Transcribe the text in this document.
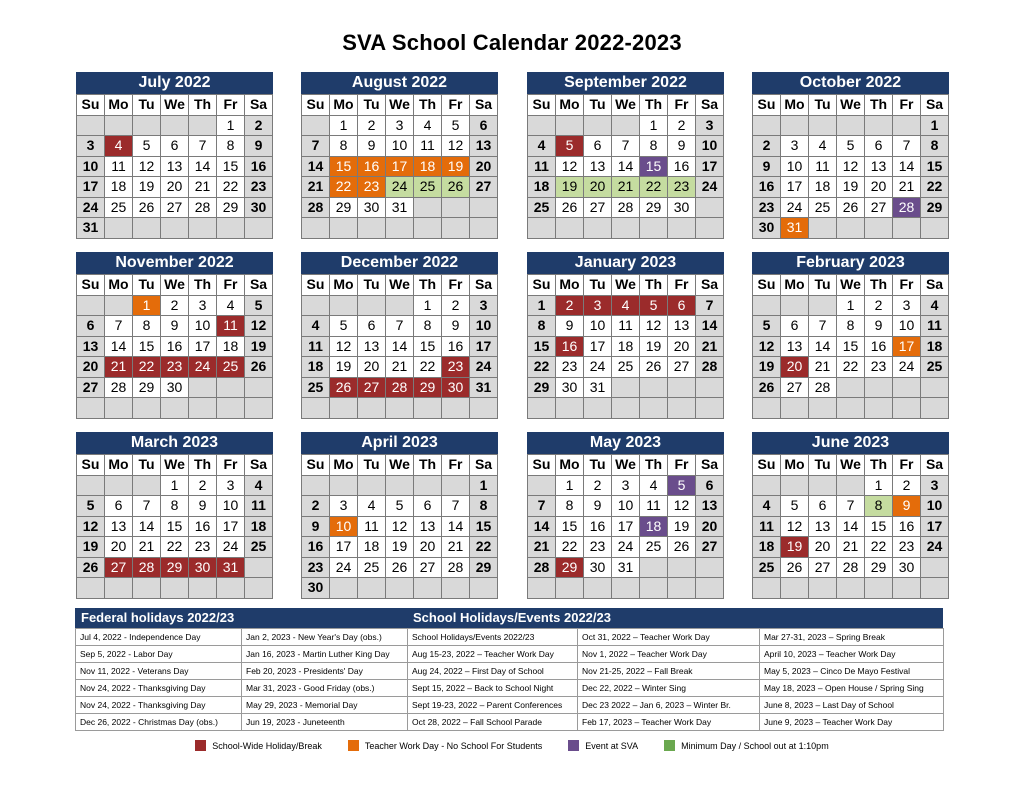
SVA School Calendar 2022-2023
July 2022
Su	Mo	Tu	We	Th	Fr	Sa
					1	2
3	4	5	6	7	8	9
10	11	12	13	14	15	16
17	18	19	20	21	22	23
24	25	26	27	28	29	30
31						
August 2022
Su	Mo	Tu	We	Th	Fr	Sa
	1	2	3	4	5	6
7	8	9	10	11	12	13
14	15	16	17	18	19	20
21	22	23	24	25	26	27
28	29	30	31			

September 2022
Su	Mo	Tu	We	Th	Fr	Sa
				1	2	3
4	5	6	7	8	9	10
11	12	13	14	15	16	17
18	19	20	21	22	23	24
25	26	27	28	29	30	

October 2022
Su	Mo	Tu	We	Th	Fr	Sa
						1
2	3	4	5	6	7	8
9	10	11	12	13	14	15
16	17	18	19	20	21	22
23	24	25	26	27	28	29
30	31					
November 2022
Su	Mo	Tu	We	Th	Fr	Sa
		1	2	3	4	5
6	7	8	9	10	11	12
13	14	15	16	17	18	19
20	21	22	23	24	25	26
27	28	29	30			

December 2022
Su	Mo	Tu	We	Th	Fr	Sa
				1	2	3
4	5	6	7	8	9	10
11	12	13	14	15	16	17
18	19	20	21	22	23	24
25	26	27	28	29	30	31

January 2023
Su	Mo	Tu	We	Th	Fr	Sa
1	2	3	4	5	6	7
8	9	10	11	12	13	14
15	16	17	18	19	20	21
22	23	24	25	26	27	28
29	30	31				

February 2023
Su	Mo	Tu	We	Th	Fr	Sa
			1	2	3	4
5	6	7	8	9	10	11
12	13	14	15	16	17	18
19	20	21	22	23	24	25
26	27	28				

March 2023
Su	Mo	Tu	We	Th	Fr	Sa
			1	2	3	4
5	6	7	8	9	10	11
12	13	14	15	16	17	18
19	20	21	22	23	24	25
26	27	28	29	30	31	

April 2023
Su	Mo	Tu	We	Th	Fr	Sa
						1
2	3	4	5	6	7	8
9	10	11	12	13	14	15
16	17	18	19	20	21	22
23	24	25	26	27	28	29
30						
May 2023
Su	Mo	Tu	We	Th	Fr	Sa
	1	2	3	4	5	6
7	8	9	10	11	12	13
14	15	16	17	18	19	20
21	22	23	24	25	26	27
28	29	30	31			

June 2023
Su	Mo	Tu	We	Th	Fr	Sa
				1	2	3
4	5	6	7	8	9	10
11	12	13	14	15	16	17
18	19	20	21	22	23	24
25	26	27	28	29	30	

Federal holidays 2022/23	School Holidays/Events 2022/23
Jul 4, 2022 - Independence Day	Jan 2, 2023 - New Year's Day (obs.)	School Holidays/Events 2022/23	Oct 31, 2022 – Teacher Work Day	Mar 27-31, 2023 – Spring Break
Sep 5, 2022 - Labor Day	Jan 16, 2023 - Martin Luther King Day	Aug 15-23, 2022 – Teacher Work Day	Nov 1, 2022 – Teacher Work Day	April 10, 2023 – Teacher Work Day
Nov 11, 2022 - Veterans Day	Feb 20, 2023 - Presidents' Day	Aug 24, 2022 – First Day of School	Nov 21-25, 2022 – Fall Break	May 5, 2023 – Cinco De Mayo Festival
Nov 24, 2022 - Thanksgiving Day	Mar 31, 2023 - Good Friday (obs.)	Sept 15, 2022 – Back to School Night	Dec 22, 2022 – Winter Sing	May 18, 2023 – Open House / Spring Sing
Nov 24, 2022 - Thanksgiving Day	May 29, 2023 - Memorial Day	Sept 19-23, 2022 – Parent Conferences	Dec 23 2022 – Jan 6, 2023 – Winter Br.	June 8, 2023 – Last Day of School
Dec 26, 2022 - Christmas Day (obs.)	Jun 19, 2023 - Juneteenth	Oct 28, 2022 – Fall School Parade	Feb 17, 2023 – Teacher Work Day	June 9, 2023 – Teacher Work Day
School-Wide Holiday/Break	Teacher Work Day - No School For Students	Event at SVA	Minimum Day / School out at 1:10pm
